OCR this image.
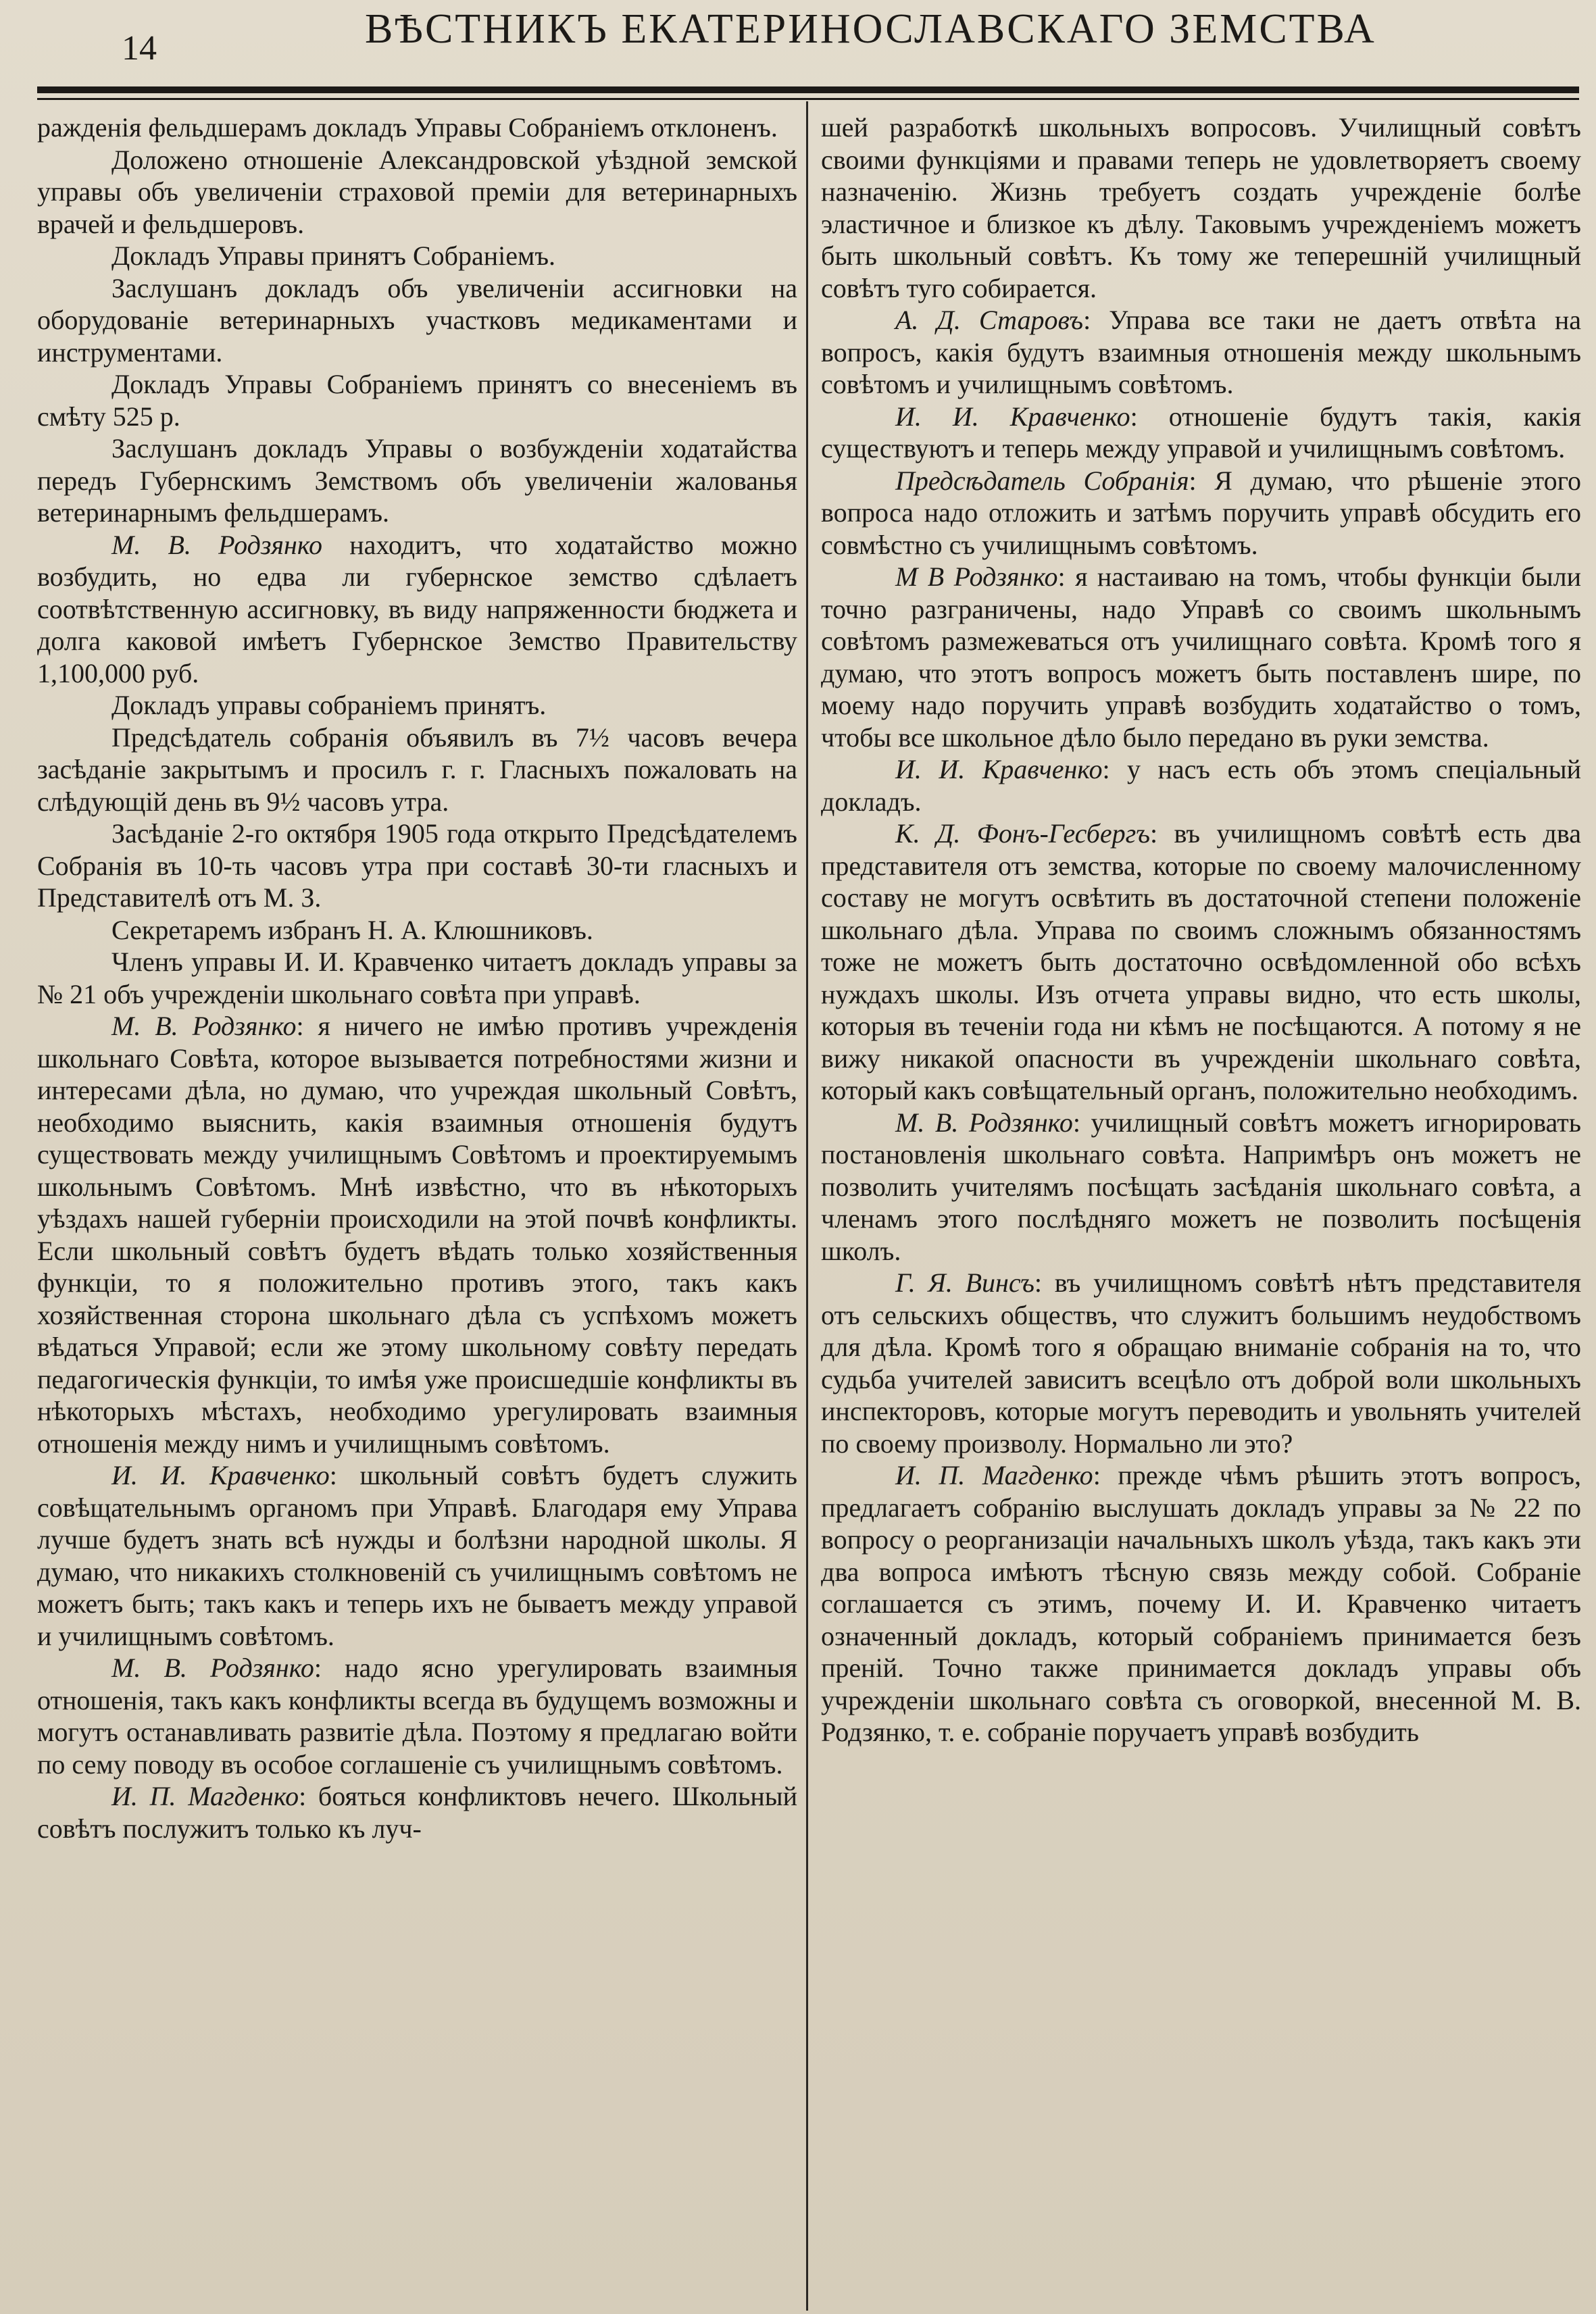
14	ВѢСТНИКЪ ЕКАТЕРИНОСЛАВСКАГО ЗЕМСТВА

ражденія фельдшерамъ докладъ Управы Собраніемъ отклоненъ.

Доложено отношеніе Александровской уѣздной земской управы объ увеличеніи страховой преміи для ветеринарныхъ врачей и фельдшеровъ.

Докладъ Управы принятъ Собраніемъ.

Заслушанъ докладъ объ увеличеніи ассигновки на оборудованіе ветеринарныхъ участковъ медикаментами и инструментами.

Докладъ Управы Собраніемъ принятъ со внесеніемъ въ смѣту 525 р.

Заслушанъ докладъ Управы о возбужденіи ходатайства передъ Губернскимъ Земствомъ объ увеличеніи жалованья ветеринарнымъ фельдшерамъ.

М. В. Родзянко находитъ, что ходатайство можно возбудить, но едва ли губернское земство сдѣлаетъ соотвѣтственную ассигновку, въ виду напряженности бюджета и долга каковой имѣетъ Губернское Земство Правительству 1,100,000 руб.

Докладъ управы собраніемъ принятъ.

Предсѣдатель собранія объявилъ въ 7½ часовъ вечера засѣданіе закрытымъ и просилъ г. г. Гласныхъ пожаловать на слѣдующій день въ 9½ часовъ утра.

Засѣданіе 2-го октября 1905 года открыто Предсѣдателемъ Собранія въ 10-ть часовъ утра при составѣ 30-ти гласныхъ и Представителѣ отъ М. З.

Секретаремъ избранъ Н. А. Клюшниковъ.

Членъ управы И. И. Кравченко читаетъ докладъ управы за № 21 объ учрежденіи школьнаго совѣта при управѣ.

М. В. Родзянко: я ничего не имѣю противъ учрежденія школьнаго Совѣта, которое вызывается потребностями жизни и интересами дѣла, но думаю, что учреждая школьный Совѣтъ, необходимо выяснить, какія взаимныя отношенія будутъ существовать между училищнымъ Совѣтомъ и проектируемымъ школьнымъ Совѣтомъ. Мнѣ извѣстно, что въ нѣкоторыхъ уѣздахъ нашей губерніи происходили на этой почвѣ конфликты. Если школьный совѣтъ будетъ вѣдать только хозяйственныя функціи, то я положительно противъ этого, такъ какъ хозяйственная сторона школьнаго дѣла съ успѣхомъ можетъ вѣдаться Управой; если же этому школьному совѣту передать педагогическія функціи, то имѣя уже происшедшіе конфликты въ нѣкоторыхъ мѣстахъ, необходимо урегулировать взаимныя отношенія между нимъ и училищнымъ совѣтомъ.

И. И. Кравченко: школьный совѣтъ будетъ служить совѣщательнымъ органомъ при Управѣ. Благодаря ему Управа лучше будетъ знать всѣ нужды и болѣзни народной школы. Я думаю, что никакихъ столкновеній съ училищнымъ совѣтомъ не можетъ быть; такъ какъ и теперь ихъ не бываетъ между управой и училищнымъ совѣтомъ.

М. В. Родзянко: надо ясно урегулировать взаимныя отношенія, такъ какъ конфликты всегда въ будущемъ возможны и могутъ останавливать развитіе дѣла. Поэтому я предлагаю войти по сему поводу въ особое соглашеніе съ училищнымъ совѣтомъ.

И. П. Магденко: бояться конфликтовъ нечего. Школьный совѣтъ послужитъ только къ луч-

шей разработкѣ школьныхъ вопросовъ. Училищный совѣтъ своими функціями и правами теперь не удовлетворяетъ своему назначенію. Жизнь требуетъ создать учрежденіе болѣе эластичное и близкое къ дѣлу. Таковымъ учрежденіемъ можетъ быть школьный совѣтъ. Къ тому же теперешній училищный совѣтъ туго собирается.

А. Д. Старовъ: Управа все таки не даетъ отвѣта на вопросъ, какія будутъ взаимныя отношенія между школьнымъ совѣтомъ и училищнымъ совѣтомъ.

И. И. Кравченко: отношеніе будутъ такія, какія существуютъ и теперь между управой и училищнымъ совѣтомъ.

Предсѣдатель Собранія: Я думаю, что рѣшеніе этого вопроса надо отложить и затѣмъ поручить управѣ обсудить его совмѣстно съ училищнымъ совѣтомъ.

М В Родзянко: я настаиваю на томъ, чтобы функціи были точно разграничены, надо Управѣ со своимъ школьнымъ совѣтомъ размежеваться отъ училищнаго совѣта. Кромѣ того я думаю, что этотъ вопросъ можетъ быть поставленъ шире, по моему надо поручить управѣ возбудить ходатайство о томъ, чтобы все школьное дѣло было передано въ руки земства.

И. И. Кравченко: у насъ есть объ этомъ спеціальный докладъ.

К. Д. Фонъ-Гесбергъ: въ училищномъ совѣтѣ есть два представителя отъ земства, которые по своему малочисленному составу не могутъ освѣтить въ достаточной степени положеніе школьнаго дѣла. Управа по своимъ сложнымъ обязанностямъ тоже не можетъ быть достаточно освѣдомленной обо всѣхъ нуждахъ школы. Изъ отчета управы видно, что есть школы, которыя въ теченіи года ни кѣмъ не посѣщаются. А потому я не вижу никакой опасности въ учрежденіи школьнаго совѣта, который какъ совѣщательный органъ, положительно необходимъ.

М. В. Родзянко: училищный совѣтъ можетъ игнорировать постановленія школьнаго совѣта. Напримѣръ онъ можетъ не позволить учителямъ посѣщать засѣданія школьнаго совѣта, а членамъ этого послѣдняго можетъ не позволить посѣщенія школъ.

Г. Я. Винсъ: въ училищномъ совѣтѣ нѣтъ представителя отъ сельскихъ обществъ, что служитъ большимъ неудобствомъ для дѣла. Кромѣ того я обращаю вниманіе собранія на то, что судьба учителей зависитъ всецѣло отъ доброй воли школьныхъ инспекторовъ, которые могутъ переводить и увольнять учителей по своему произволу. Нормально ли это?

И. П. Магденко: прежде чѣмъ рѣшить этотъ вопросъ, предлагаетъ собранію выслушать докладъ управы за № 22 по вопросу о реорганизаціи начальныхъ школъ уѣзда, такъ какъ эти два вопроса имѣютъ тѣсную связь между собой. Собраніе соглашается съ этимъ, почему И. И. Кравченко читаетъ означенный докладъ, который собраніемъ принимается безъ преній. Точно также принимается докладъ управы объ учрежденіи школьнаго совѣта съ оговоркой, внесенной М. В. Родзянко, т. е. собраніе поручаетъ управѣ возбудить
